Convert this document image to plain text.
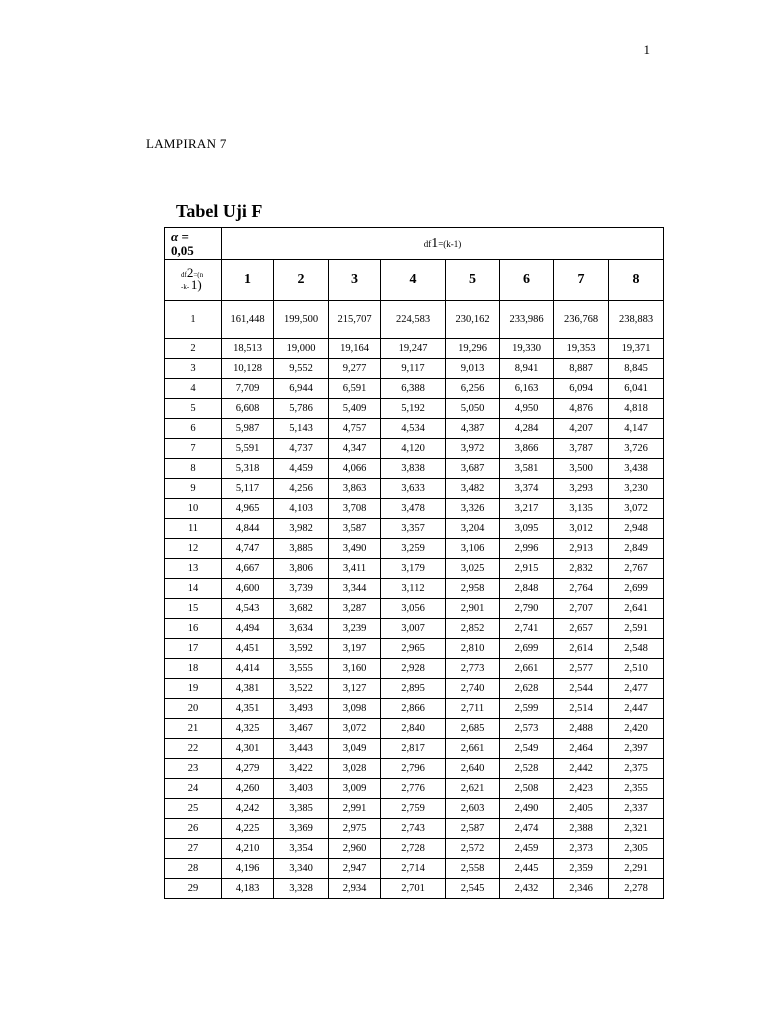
1
LAMPIRAN 7
Tabel Uji F
α =
0,05	df1=(k-1)							
df2=(n
-k- 1)	1	2	3	4	5	6	7	8
1	161,448	199,500	215,707	224,583	230,162	233,986	236,768	238,883
2	18,513	19,000	19,164	19,247	19,296	19,330	19,353	19,371
3	10,128	9,552	9,277	9,117	9,013	8,941	8,887	8,845
4	7,709	6,944	6,591	6,388	6,256	6,163	6,094	6,041
5	6,608	5,786	5,409	5,192	5,050	4,950	4,876	4,818
6	5,987	5,143	4,757	4,534	4,387	4,284	4,207	4,147
7	5,591	4,737	4,347	4,120	3,972	3,866	3,787	3,726
8	5,318	4,459	4,066	3,838	3,687	3,581	3,500	3,438
9	5,117	4,256	3,863	3,633	3,482	3,374	3,293	3,230
10	4,965	4,103	3,708	3,478	3,326	3,217	3,135	3,072
11	4,844	3,982	3,587	3,357	3,204	3,095	3,012	2,948
12	4,747	3,885	3,490	3,259	3,106	2,996	2,913	2,849
13	4,667	3,806	3,411	3,179	3,025	2,915	2,832	2,767
14	4,600	3,739	3,344	3,112	2,958	2,848	2,764	2,699
15	4,543	3,682	3,287	3,056	2,901	2,790	2,707	2,641
16	4,494	3,634	3,239	3,007	2,852	2,741	2,657	2,591
17	4,451	3,592	3,197	2,965	2,810	2,699	2,614	2,548
18	4,414	3,555	3,160	2,928	2,773	2,661	2,577	2,510
19	4,381	3,522	3,127	2,895	2,740	2,628	2,544	2,477
20	4,351	3,493	3,098	2,866	2,711	2,599	2,514	2,447
21	4,325	3,467	3,072	2,840	2,685	2,573	2,488	2,420
22	4,301	3,443	3,049	2,817	2,661	2,549	2,464	2,397
23	4,279	3,422	3,028	2,796	2,640	2,528	2,442	2,375
24	4,260	3,403	3,009	2,776	2,621	2,508	2,423	2,355
25	4,242	3,385	2,991	2,759	2,603	2,490	2,405	2,337
26	4,225	3,369	2,975	2,743	2,587	2,474	2,388	2,321
27	4,210	3,354	2,960	2,728	2,572	2,459	2,373	2,305
28	4,196	3,340	2,947	2,714	2,558	2,445	2,359	2,291
29	4,183	3,328	2,934	2,701	2,545	2,432	2,346	2,278
